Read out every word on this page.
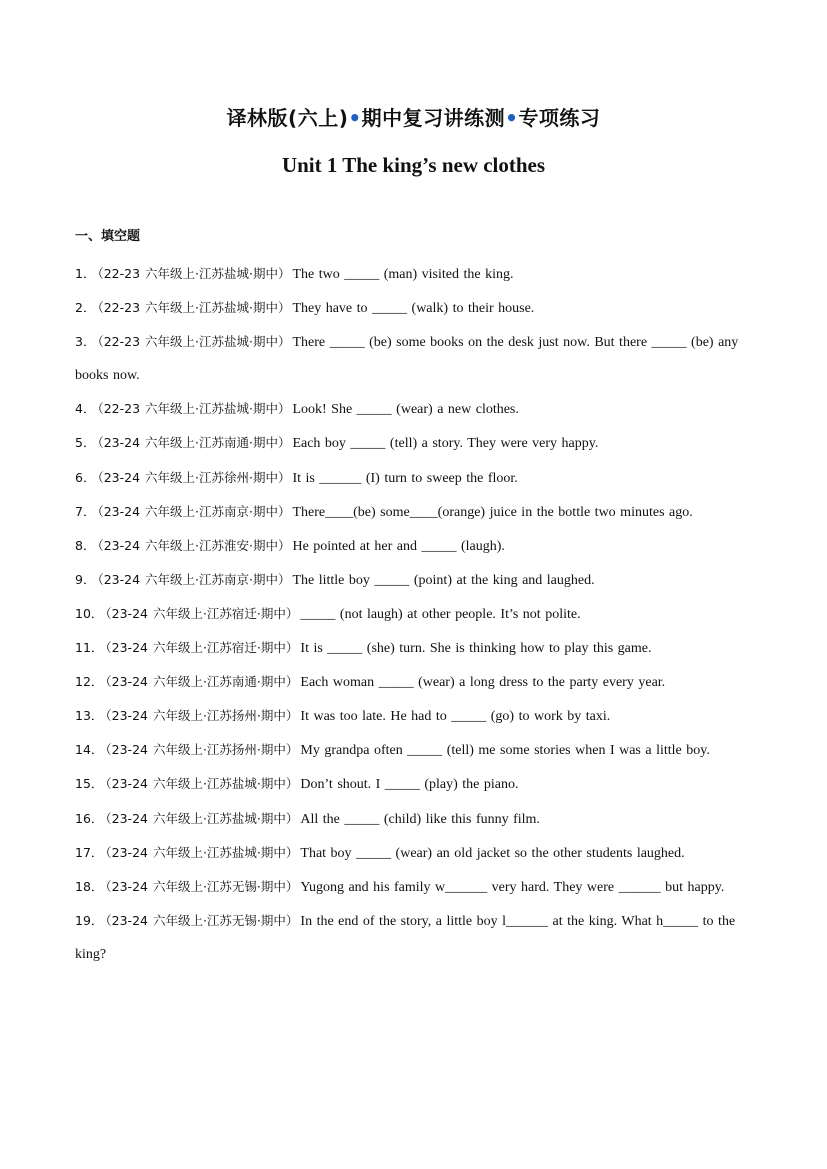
译林版(六上)•期中复习讲练测•专项练习
Unit 1 The king’s new clothes
一、填空题
1． （22-23 六年级上·江苏盐城·期中） The two _____ (man) visited the king.
2． （22-23 六年级上·江苏盐城·期中） They have to _____ (walk) to their house.
3． （22-23 六年级上·江苏盐城·期中） There _____ (be) some books on the desk just now. But there _____ (be) any books now.
4． （22-23 六年级上·江苏盐城·期中） Look! She _____ (wear) a new clothes.
5． （23-24 六年级上·江苏南通·期中） Each boy _____ (tell) a story. They were very happy.
6． （23-24 六年级上·江苏徐州·期中） It is ______ (I) turn to sweep the floor.
7． （23-24 六年级上·江苏南京·期中） There____(be) some____(orange) juice in the bottle two minutes ago.
8． （23-24 六年级上·江苏淮安·期中） He pointed at her and _____ (laugh).
9． （23-24 六年级上·江苏南京·期中） The little boy _____ (point) at the king and laughed.
10． （23-24 六年级上·江苏宿迁·期中） _____ (not laugh) at other people. It’s not polite.
11． （23-24 六年级上·江苏宿迁·期中） It is _____ (she) turn. She is thinking how to play this game.
12． （23-24 六年级上·江苏南通·期中） Each woman _____ (wear) a long dress to the party every year.
13． （23-24 六年级上·江苏扬州·期中） It was too late. He had to _____ (go) to work by taxi.
14． （23-24 六年级上·江苏扬州·期中） My grandpa often _____ (tell) me some stories when I was a little boy.
15． （23-24 六年级上·江苏盐城·期中） Don’t shout. I _____ (play) the piano.
16． （23-24 六年级上·江苏盐城·期中） All the _____ (child) like this funny film.
17． （23-24 六年级上·江苏盐城·期中） That boy _____ (wear) an old jacket so the other students laughed.
18． （23-24 六年级上·江苏无锡·期中） Yugong and his family w______ very hard. They were ______ but happy.
19． （23-24 六年级上·江苏无锡·期中） In the end of the story, a little boy l______ at the king. What h_____ to the king?
